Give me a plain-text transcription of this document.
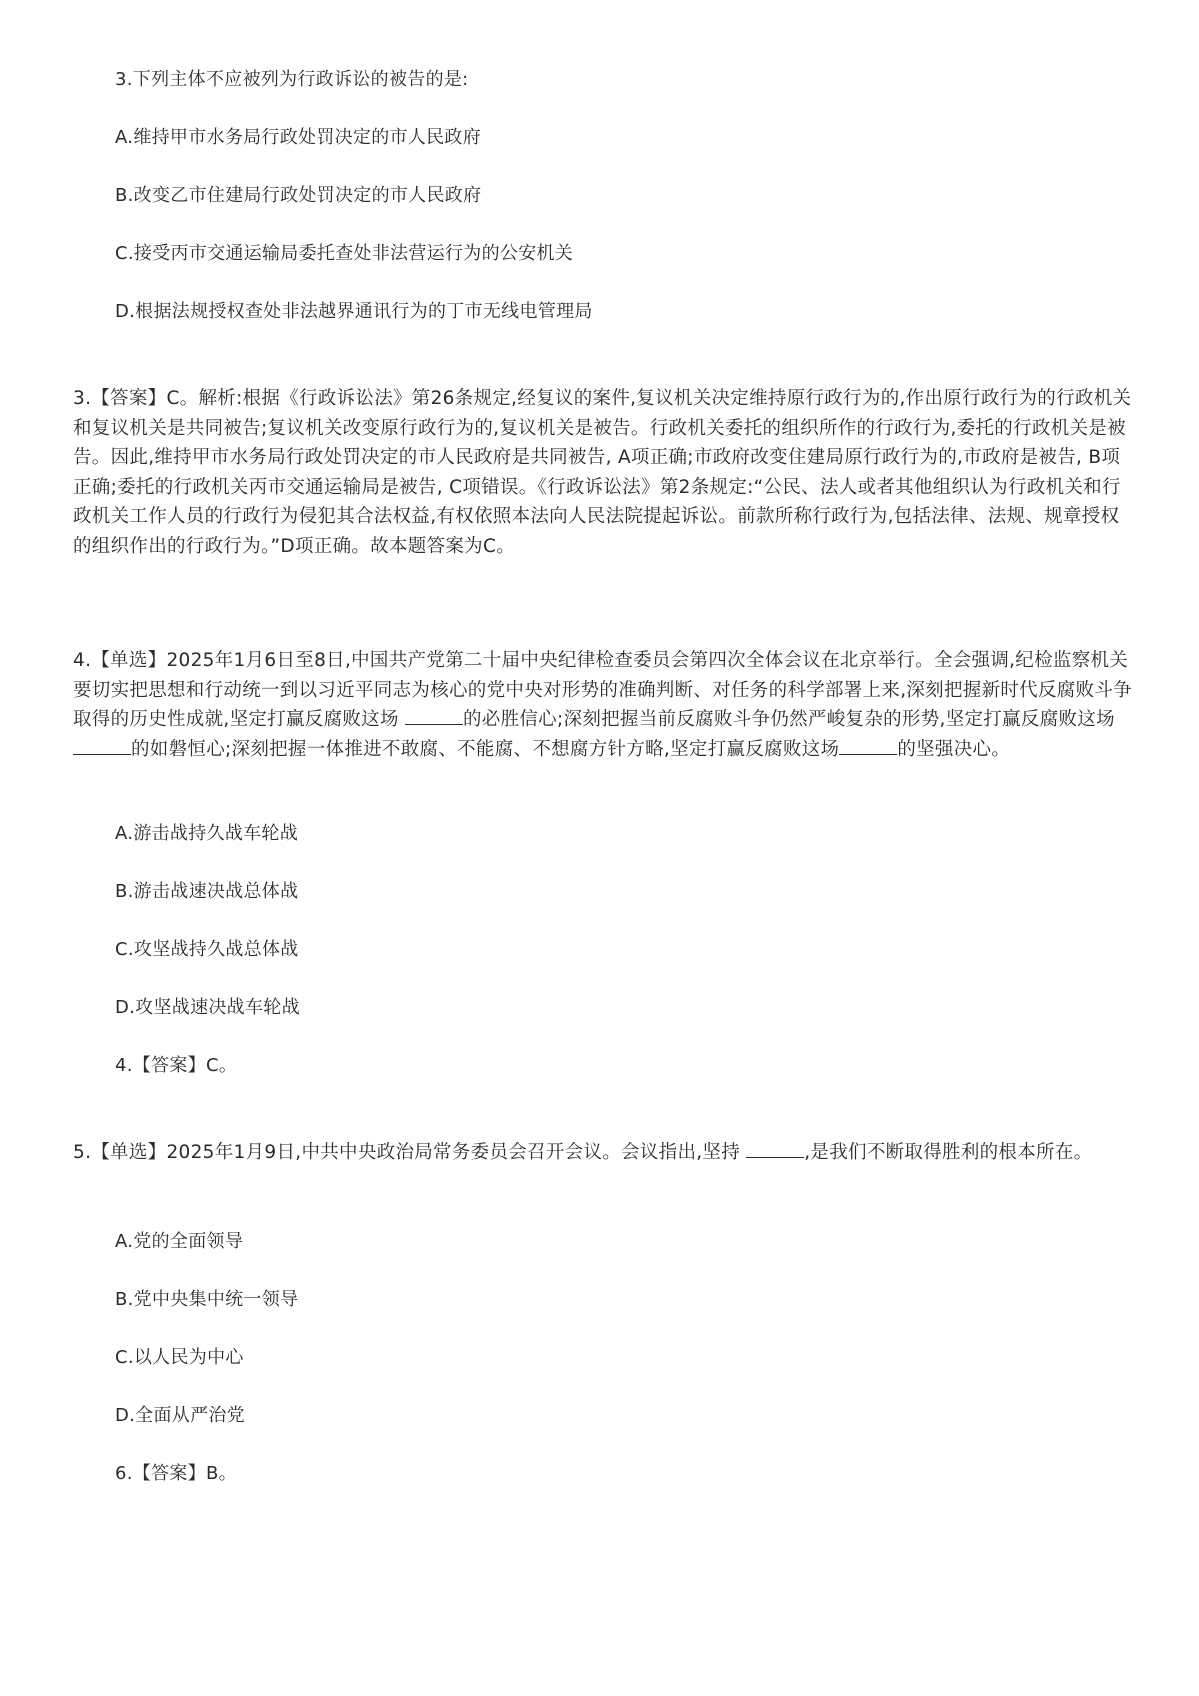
3.下列主体不应被列为行政诉讼的被告的是:
A.维持甲市水务局行政处罚决定的市人民政府
B.改变乙市住建局行政处罚决定的市人民政府
C.接受丙市交通运输局委托查处非法营运行为的公安机关
D.根据法规授权查处非法越界通讯行为的丁市无线电管理局
3.【答案】C。解析:根据《行政诉讼法》第26条规定,经复议的案件,复议机关决定维持原行政行为的,作出原行政行为的行政机关和复议机关是共同被告;复议机关改变原行政行为的,复议机关是被告。行政机关委托的组织所作的行政行为,委托的行政机关是被告。因此,维持甲市水务局行政处罚决定的市人民政府是共同被告, A项正确;市政府改变住建局原行政行为的,市政府是被告, B项正确;委托的行政机关丙市交通运输局是被告, C项错误。《行政诉讼法》第2条规定:“公民、法人或者其他组织认为行政机关和行政机关工作人员的行政行为侵犯其合法权益,有权依照本法向人民法院提起诉讼。前款所称行政行为,包括法律、法规、规章授权的组织作出的行政行为。”D项正确。故本题答案为C。
4.【单选】2025年1月6日至8日,中国共产党第二十届中央纪律检查委员会第四次全体会议在北京举行。全会强调,纪检监察机关要切实把思想和行动统一到以习近平同志为核心的党中央对形势的准确判断、对任务的科学部署上来,深刻把握新时代反腐败斗争取得的历史性成就,坚定打赢反腐败这场	的必胜信心;深刻把握当前反腐败斗争仍然严峻复杂的形势,坚定打赢反腐败这场的如磐恒心;深刻把握一体推进不敢腐、不能腐、不想腐方针方略,坚定打赢反腐败这场	的坚强决心。
A.游击战持久战车轮战
B.游击战速决战总体战
C.攻坚战持久战总体战
D.攻坚战速决战车轮战
4.【答案】C。
5.【单选】2025年1月9日,中共中央政治局常务委员会召开会议。会议指出,坚持	,是我们不断取得胜利的根本所在。
A.党的全面领导
B.党中央集中统一领导
C.以人民为中心
D.全面从严治党
6.【答案】B。
